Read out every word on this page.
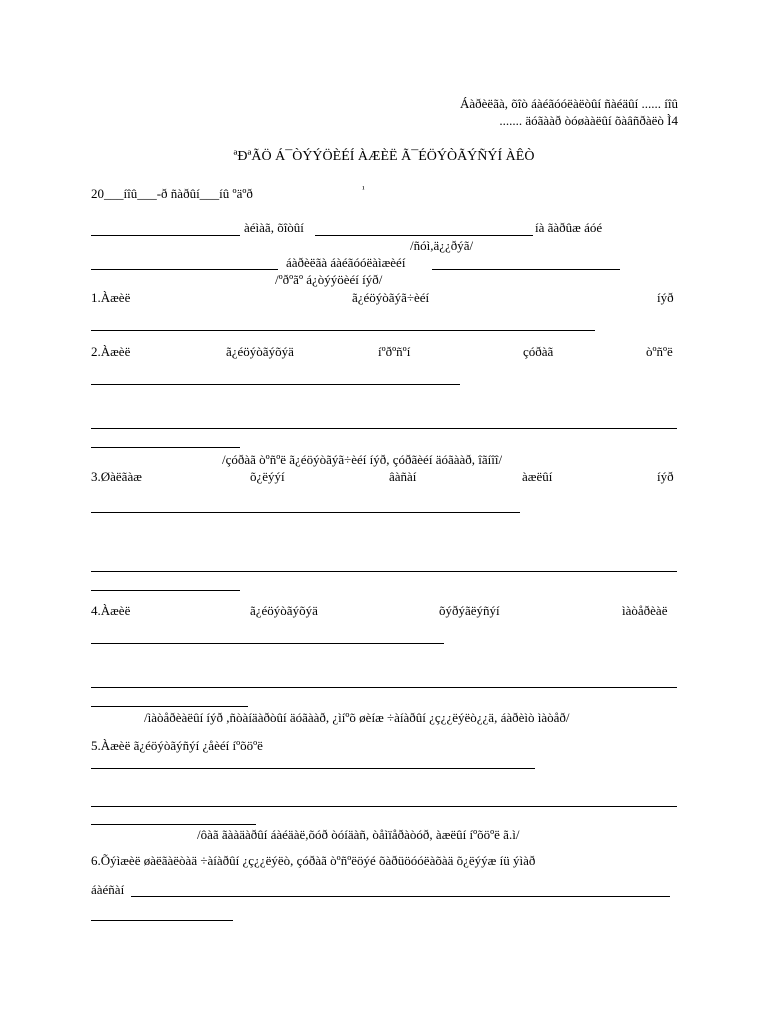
Áàðèëãà, õîò áàéãóóëàëòûí ñàéäûí ...... íîû
....... äóãààð òóøààëûí õàâñðàëò Ì4
ªÐªÃÖ Á¯ÒÝÝÖÈÉÍ ÀÆÈË Ã¯ÉÖÝÒÃÝÑÝÍ ÀÊÒ
20___íîû___-ð ñàðûí___íû ºäºð	¹
àéìàã, õîòûí	íà ãàðûæ áóé
/ñóì,ä¿¿ðýã/
áàðèëãà áàéãóóëàìæèéí
/ºðºãº á¿òýýöèéí íýð/
1.Àæèë	ã¿éöýòãýã÷èéí	íýð
2.Àæèë	ã¿éöýòãýõýä	íºðºñºí	çóðàã	òºñºë
/çóðàã òºñºë ã¿éöýòãýã÷èéí íýð, çóðãèéí äóãààð, îãíîî/
3.Øàëãàæ	õ¿ëýýí	âàñàí	àæëûí	íýð
4.Àæèë	ã¿éöýòãýõýä	õýðýãëýñýí	ìàòåðèàë
/ìàòåðèàëûí íýð ,ñòàíäàðòûí äóãààð, ¿ìíºõ øèíæ ÷àíàðûí ¿ç¿¿ëýëò¿¿ä, áàðèìò ìàòåð/
5.Àæèë ã¿éöýòãýñýí ¿åèéí íºõöºë
/ôàã ãààäàðûí áàéäàë,õóð òóíäàñ, òåìïåðàòóð, àæëûí íºõöºë ã.ì/
6.Õýìæèë øàëãàëòàä ÷àíàðûí ¿ç¿¿ëýëò, çóðàã òºñºëöýé õàðüöóóëàõàä õ¿ëýýæ íü ýìàð
áàéñàí
